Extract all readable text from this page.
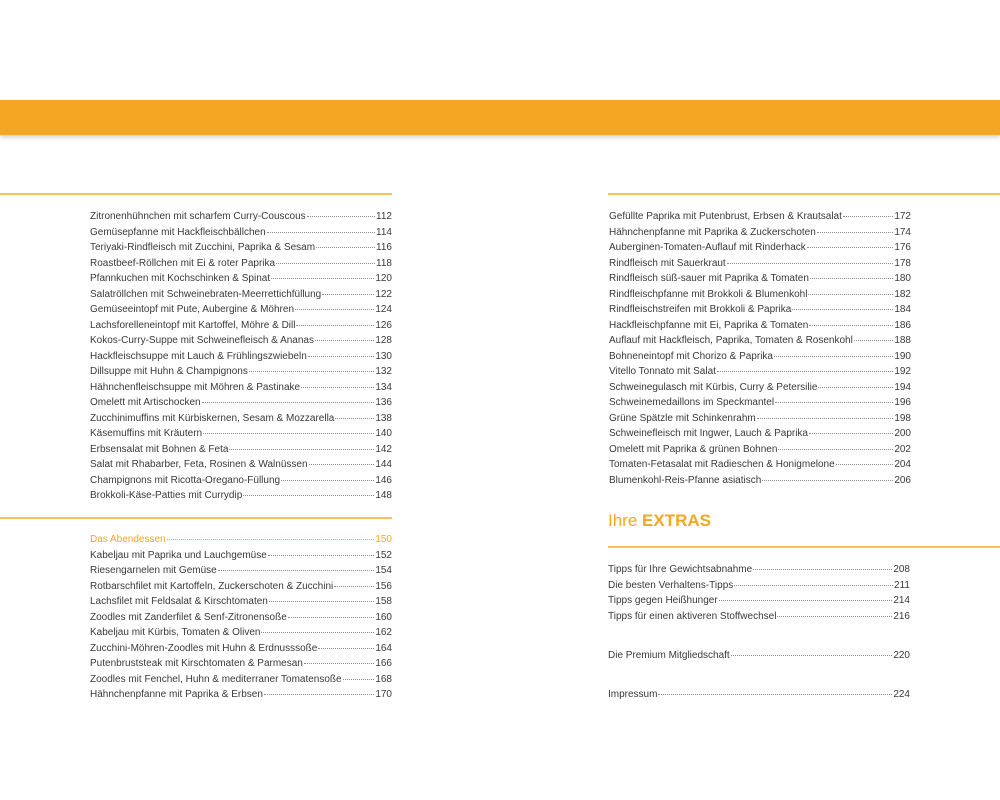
Zitronenhühnchen mit scharfem Curry-Couscous	112
Gemüsepfanne mit Hackfleischbällchen	114
Teriyaki-Rindfleisch mit Zucchini, Paprika & Sesam	116
Roastbeef-Röllchen mit Ei & roter Paprika	118
Pfannkuchen mit Kochschinken & Spinat	120
Salatröllchen mit Schweinebraten-Meerrettichfüllung	122
Gemüseeintopf mit Pute, Aubergine & Möhren	124
Lachsforelleneintopf mit Kartoffel, Möhre & Dill	126
Kokos-Curry-Suppe mit Schweinefleisch & Ananas	128
Hackfleischsuppe mit Lauch & Frühlingszwiebeln	130
Dillsuppe mit Huhn & Champignons	132
Hähnchenfleischsuppe mit Möhren & Pastinake	134
Omelett mit Artischocken	136
Zucchinimuffins mit Kürbiskernen, Sesam & Mozzarella	138
Käsemuffins mit Kräutern	140
Erbsensalat mit Bohnen & Feta	142
Salat mit Rhabarber, Feta, Rosinen & Walnüssen	144
Champignons mit Ricotta-Oregano-Füllung	146
Brokkoli-Käse-Patties mit Currydip	148
Das Abendessen	150
Kabeljau mit Paprika und Lauchgemüse	152
Riesengarnelen mit Gemüse	154
Rotbarschfilet mit Kartoffeln, Zuckerschoten & Zucchini	156
Lachsfilet mit Feldsalat & Kirschtomaten	158
Zoodles mit Zanderfilet & Senf-Zitronensoße	160
Kabeljau mit Kürbis, Tomaten & Oliven	162
Zucchini-Möhren-Zoodles mit Huhn & Erdnusssoße	164
Putenbruststeak mit Kirschtomaten & Parmesan	166
Zoodles mit Fenchel, Huhn & mediterraner Tomatensoße	168
Hähnchenpfanne mit Paprika & Erbsen	170
Gefüllte Paprika mit Putenbrust, Erbsen & Krautsalat	172
Hähnchenpfanne mit Paprika & Zuckerschoten	174
Auberginen-Tomaten-Auflauf mit Rinderhack	176
Rindfleisch mit Sauerkraut	178
Rindfleisch süß-sauer mit Paprika & Tomaten	180
Rindfleischpfanne mit Brokkoli & Blumenkohl	182
Rindfleischstreifen mit Brokkoli & Paprika	184
Hackfleischpfanne mit Ei, Paprika & Tomaten	186
Auflauf mit Hackfleisch, Paprika, Tomaten & Rosenkohl	188
Bohneneintopf mit Chorizo & Paprika	190
Vitello Tonnato mit Salat	192
Schweinegulasch mit Kürbis, Curry & Petersilie	194
Schweinemedaillons im Speckmantel	196
Grüne Spätzle mit Schinkenrahm	198
Schweinefleisch mit Ingwer, Lauch & Paprika	200
Omelett mit Paprika & grünen Bohnen	202
Tomaten-Fetasalat mit Radieschen & Honigmelone	204
Blumenkohl-Reis-Pfanne asiatisch	206
Ihre EXTRAS
Tipps für Ihre Gewichtsabnahme	208
Die besten Verhaltens-Tipps	211
Tipps gegen Heißhunger	214
Tipps für einen aktiveren Stoffwechsel	216
Die Premium Mitgliedschaft	220
Impressum	224
